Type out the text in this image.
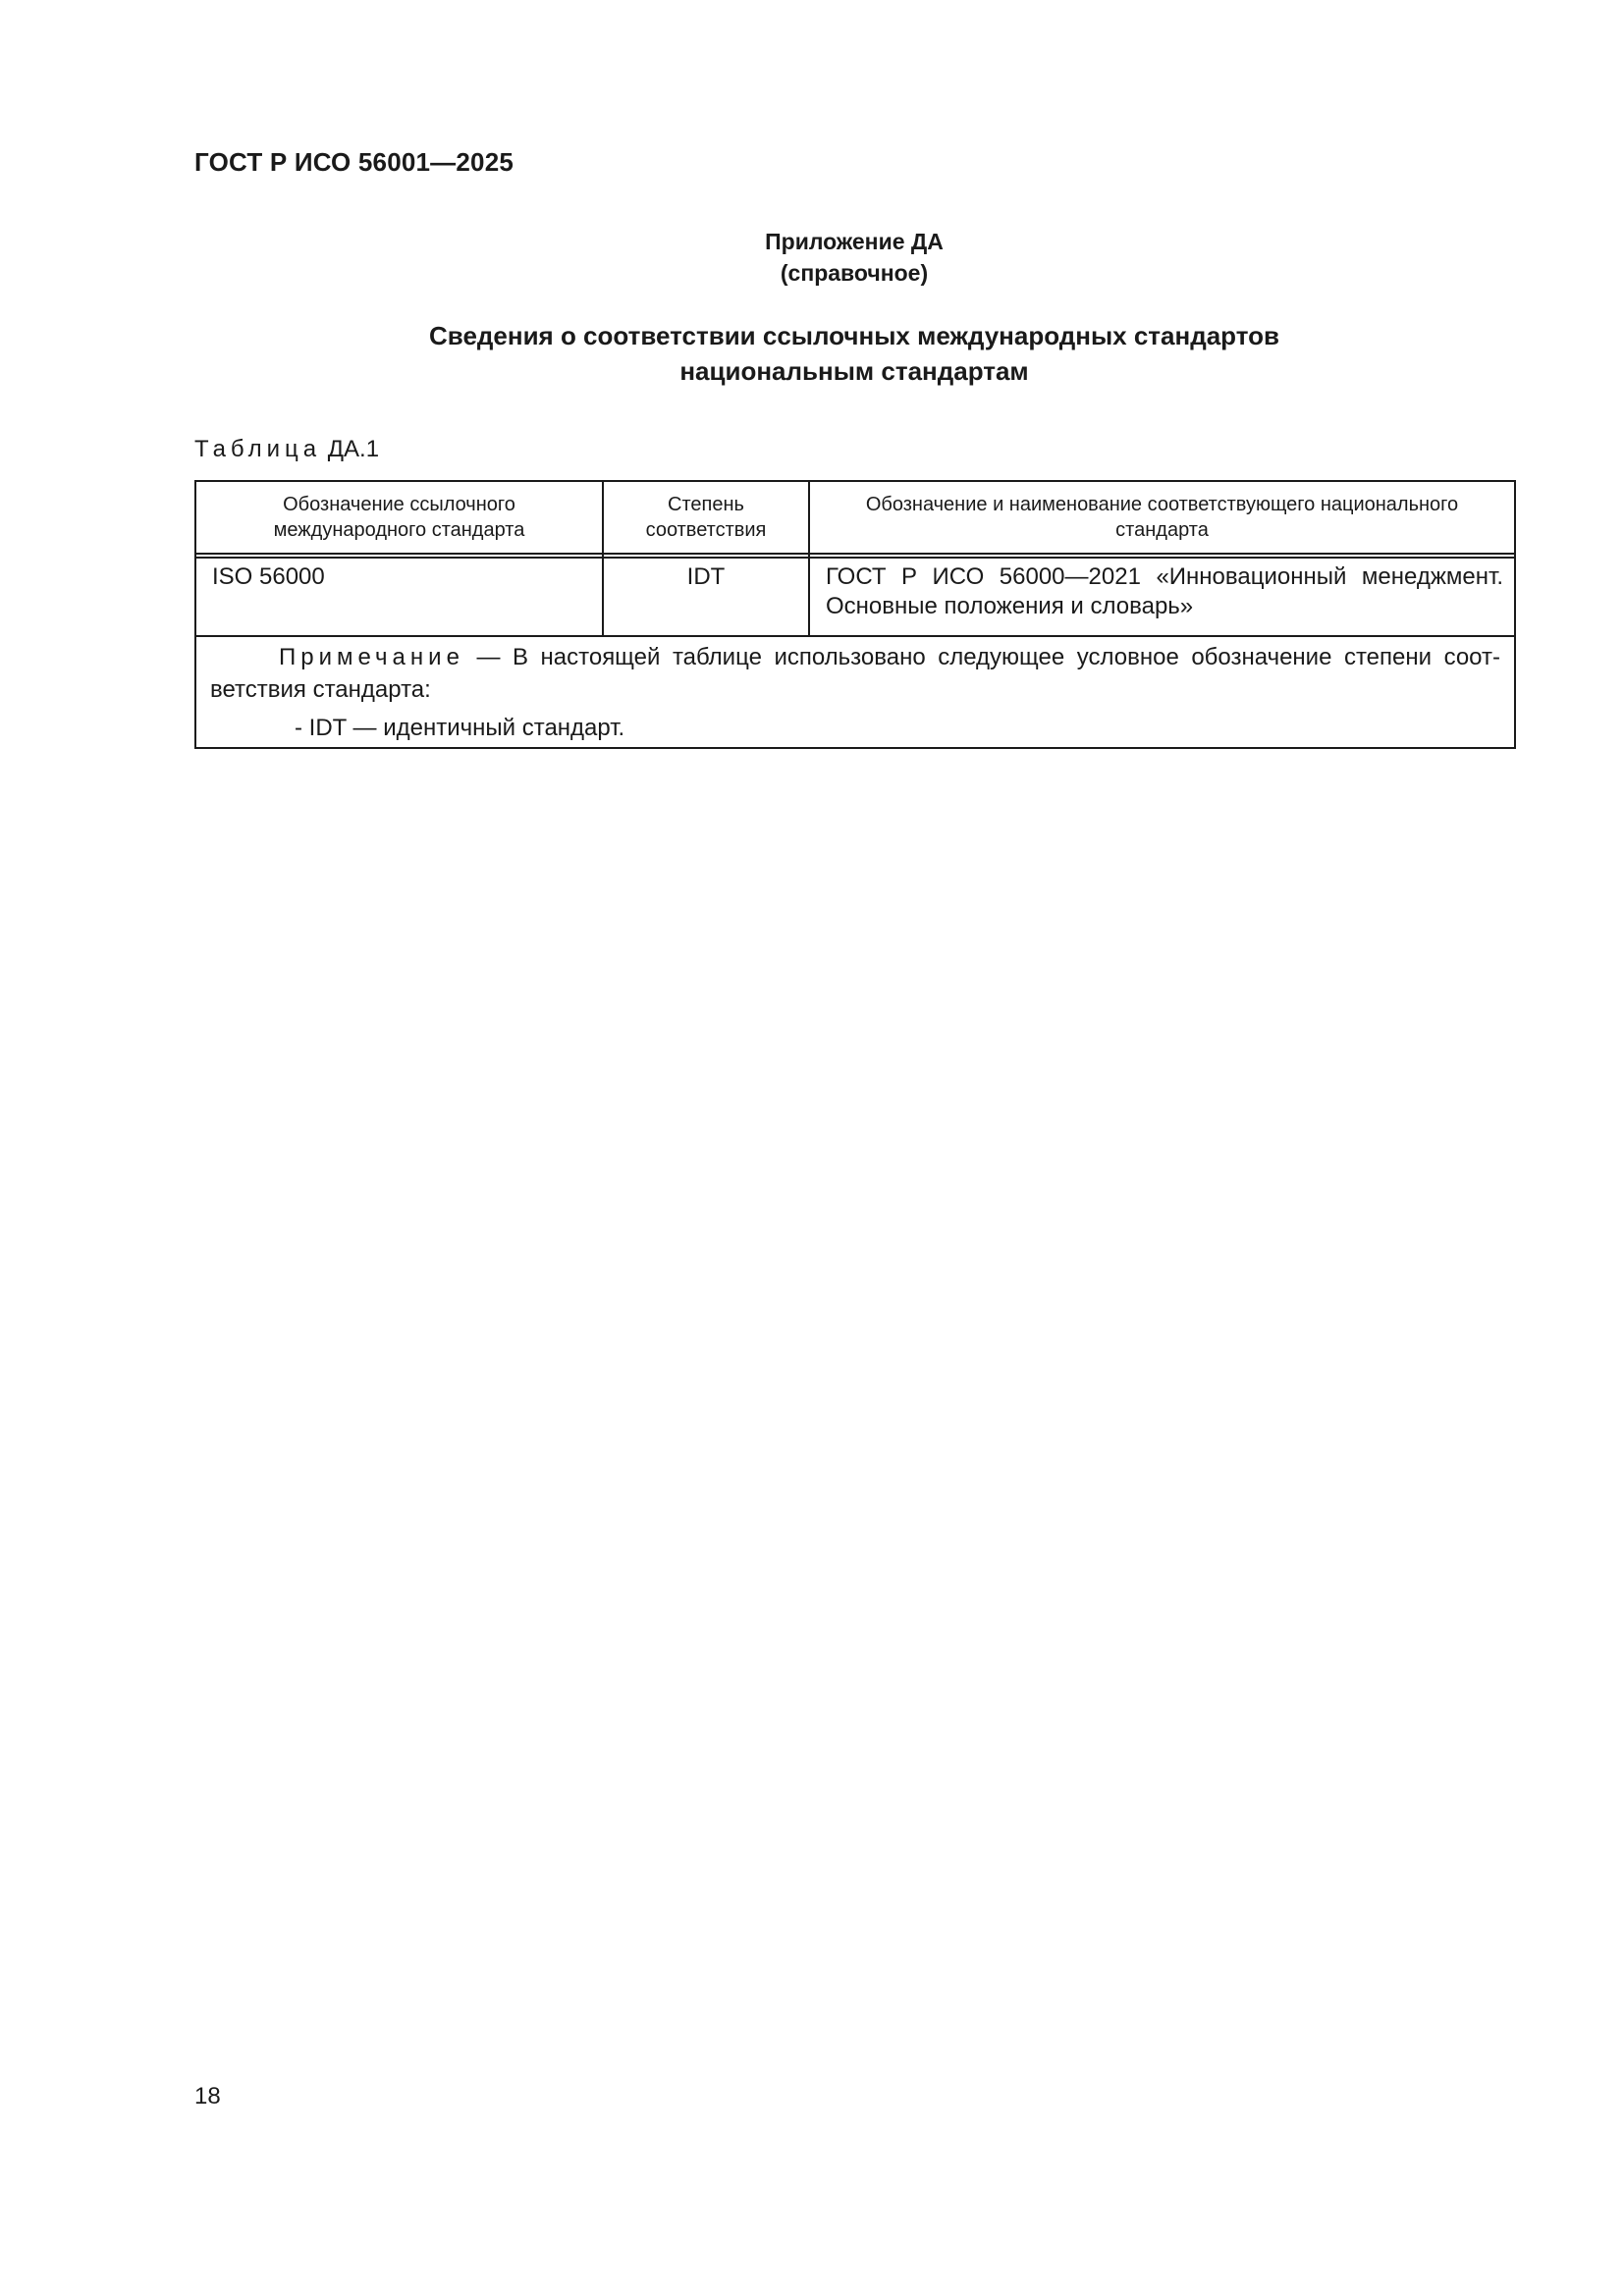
ГОСТ Р ИСО 56001—2025
Приложение ДА
(справочное)
Сведения о соответствии ссылочных международных стандартов
национальным стандартам
Таблица ДА.1
Обозначение ссылочного
международного стандарта
Степень
соответствия
Обозначение и наименование соответствующего национального
стандарта
ISO 56000	IDT	ГОСТ Р ИСО 56000—2021 «Инновационный менеджмент.
Основные положения и словарь»
Примечание — В настоящей таблице использовано следующее условное обозначение степени соот-ветствия стандарта:
- IDT — идентичный стандарт.
18
